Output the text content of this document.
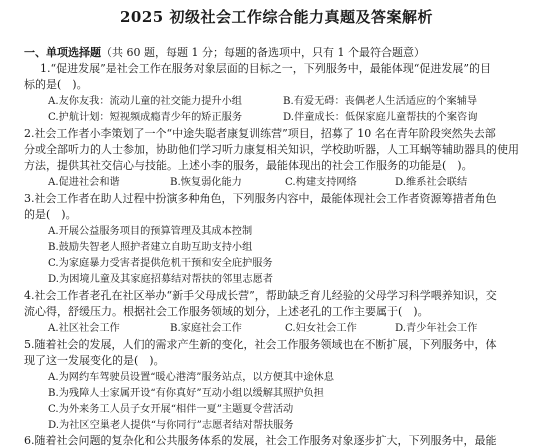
2025 初级社会工作综合能力真题及答案解析
一、单项选择题（共 60 题，每题 1 分；每题的备选项中，只有 1 个最符合题意）
1.“促进发展”是社会工作在服务对象层面的目标之一，下列服务中，最能体现“促进发展”的目
标的是(　)。
A.友你友我：流动儿童的社交能力提升小组	B.有爱无碍：丧偶老人生活适应的个案辅导
C.护航计划：短视频成瘾青少年的矫正服务	D.伴童成长：低保家庭儿童帮扶的个案咨询
2.社会工作者小李策划了一个“中途失聪者康复训练营”项目，招募了 10 名在青年阶段突然失去部
分或全部听力的人士参加，协助他们学习听力康复相关知识，学校助听器，人工耳蜗等辅助器具的使用
方法，提供其社交信心与技能。上述小李的服务，最能体现出的社会工作服务的功能是(　)。
A.促进社会和谐	B.恢复弱化能力	C.构建支持网络	D.维系社会联结
3.社会工作者在助人过程中扮演多种角色，下列服务内容中，最能体现社会工作者资源筹措者角色
的是(　)。
A.开展公益服务项目的预算管理及其成本控制
B.鼓励失智老人照护者建立自助互助支持小组
C.为家庭暴力受害者提供危机干预和安全庇护服务
D.为困境儿童及其家庭招募结对帮扶的邻里志愿者
4.社会工作者老孔在社区举办“新手父母成长营”，帮助缺乏育儿经验的父母学习科学喂养知识，交
流心得，舒缓压力。根据社会工作服务领域的划分，上述老孔的工作主要属于(　)。
A.社区社会工作	B.家庭社会工作	C.妇女社会工作	D.青少年社会工作
5.随着社会的发展，人们的需求产生新的变化，社会工作服务领域也在不断扩展，下列服务中，体
现了这一发展变化的是(　)。
A.为网约车驾驶员设置“暖心港湾”服务站点，以方便其中途休息
B.为残障人士家属开设“有你真好”互动小组以缓解其照护负担
C.为外来务工人员子女开展“相伴一夏”主题夏令营活动
D.为社区空巢老人提供“与你同行”志愿者结对帮扶服务
6.随着社会问题的复杂化和公共服务体系的发展，社会工作服务对象逐步扩大，下列服务中，最能
